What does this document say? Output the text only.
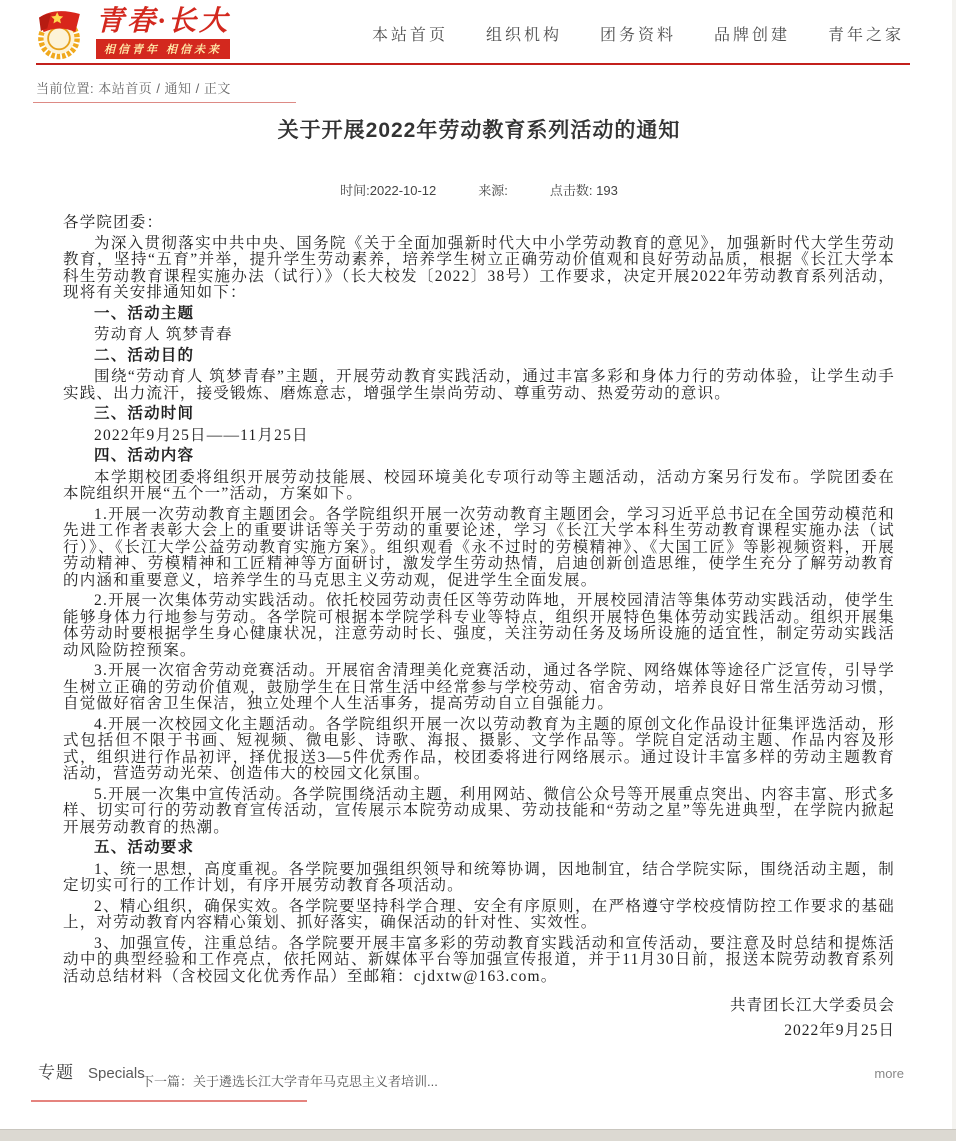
青春·长大
相信青年 相信未来
本站首页 组织机构 团务资料 品牌创建 青年之家
当前位置: 本站首页 / 通知 / 正文
关于开展2022年劳动教育系列活动的通知
时间:2022-10-12	来源:	点击数: 193

各学院团委：

为深入贯彻落实中共中央、国务院《关于全面加强新时代大中小学劳动教育的意见》，加强新时代大学生劳动教育，坚持“五育”并举，提升学生劳动素养，培养学生树立正确劳动价值观和良好劳动品质，根据《长江大学本科生劳动教育课程实施办法（试行）》（长大校发〔2022〕38号）工作要求，决定开展2022年劳动教育系列活动，现将有关安排通知如下：

一、活动主题

劳动育人 筑梦青春

二、活动目的

围绕“劳动育人 筑梦青春”主题，开展劳动教育实践活动，通过丰富多彩和身体力行的劳动体验，让学生动手实践、出力流汗，接受锻炼、磨炼意志，增强学生崇尚劳动、尊重劳动、热爱劳动的意识。

三、活动时间

2022年9月25日——11月25日

四、活动内容

本学期校团委将组织开展劳动技能展、校园环境美化专项行动等主题活动，活动方案另行发布。学院团委在本院组织开展“五个一”活动，方案如下。

1.开展一次劳动教育主题团会。各学院组织开展一次劳动教育主题团会，学习习近平总书记在全国劳动模范和先进工作者表彰大会上的重要讲话等关于劳动的重要论述，学习《长江大学本科生劳动教育课程实施办法（试行）》、《长江大学公益劳动教育实施方案》。组织观看《永不过时的劳模精神》、《大国工匠》等影视频资料，开展劳动精神、劳模精神和工匠精神等方面研讨，激发学生劳动热情，启迪创新创造思维，使学生充分了解劳动教育的内涵和重要意义，培养学生的马克思主义劳动观，促进学生全面发展。

2.开展一次集体劳动实践活动。依托校园劳动责任区等劳动阵地，开展校园清洁等集体劳动实践活动，使学生能够身体力行地参与劳动。各学院可根据本学院学科专业等特点，组织开展特色集体劳动实践活动。组织开展集体劳动时要根据学生身心健康状况，注意劳动时长、强度，关注劳动任务及场所设施的适宜性，制定劳动实践活动风险防控预案。

3.开展一次宿舍劳动竞赛活动。开展宿舍清理美化竞赛活动，通过各学院、网络媒体等途径广泛宣传，引导学生树立正确的劳动价值观，鼓励学生在日常生活中经常参与学校劳动、宿舍劳动，培养良好日常生活劳动习惯，自觉做好宿舍卫生保洁，独立处理个人生活事务，提高劳动自立自强能力。

4.开展一次校园文化主题活动。各学院组织开展一次以劳动教育为主题的原创文化作品设计征集评选活动，形式包括但不限于书画、短视频、微电影、诗歌、海报、摄影、文学作品等。学院自定活动主题、作品内容及形式，组织进行作品初评，择优报送3—5件优秀作品，校团委将进行网络展示。通过设计丰富多样的劳动主题教育活动，营造劳动光荣、创造伟大的校园文化氛围。

5.开展一次集中宣传活动。各学院围绕活动主题，利用网站、微信公众号等开展重点突出、内容丰富、形式多样、切实可行的劳动教育宣传活动，宣传展示本院劳动成果、劳动技能和“劳动之星”等先进典型，在学院内掀起开展劳动教育的热潮。

五、活动要求

1、统一思想，高度重视。各学院要加强组织领导和统筹协调，因地制宜，结合学院实际，围绕活动主题，制定切实可行的工作计划，有序开展劳动教育各项活动。

2、精心组织，确保实效。各学院要坚持科学合理、安全有序原则，在严格遵守学校疫情防控工作要求的基础上，对劳动教育内容精心策划、抓好落实，确保活动的针对性、实效性。

3、加强宣传，注重总结。各学院要开展丰富多彩的劳动教育实践活动和宣传活动，要注意及时总结和提炼活动中的典型经验和工作亮点，依托网站、新媒体平台等加强宣传报道，并于11月30日前，报送本院劳动教育系列活动总结材料（含校园文化优秀作品）至邮箱：cjdxtw@163.com。

共青团长江大学委员会
2022年9月25日
下一篇：关于遴选长江大学青年马克思主义者培训...
专题 Specials	more
